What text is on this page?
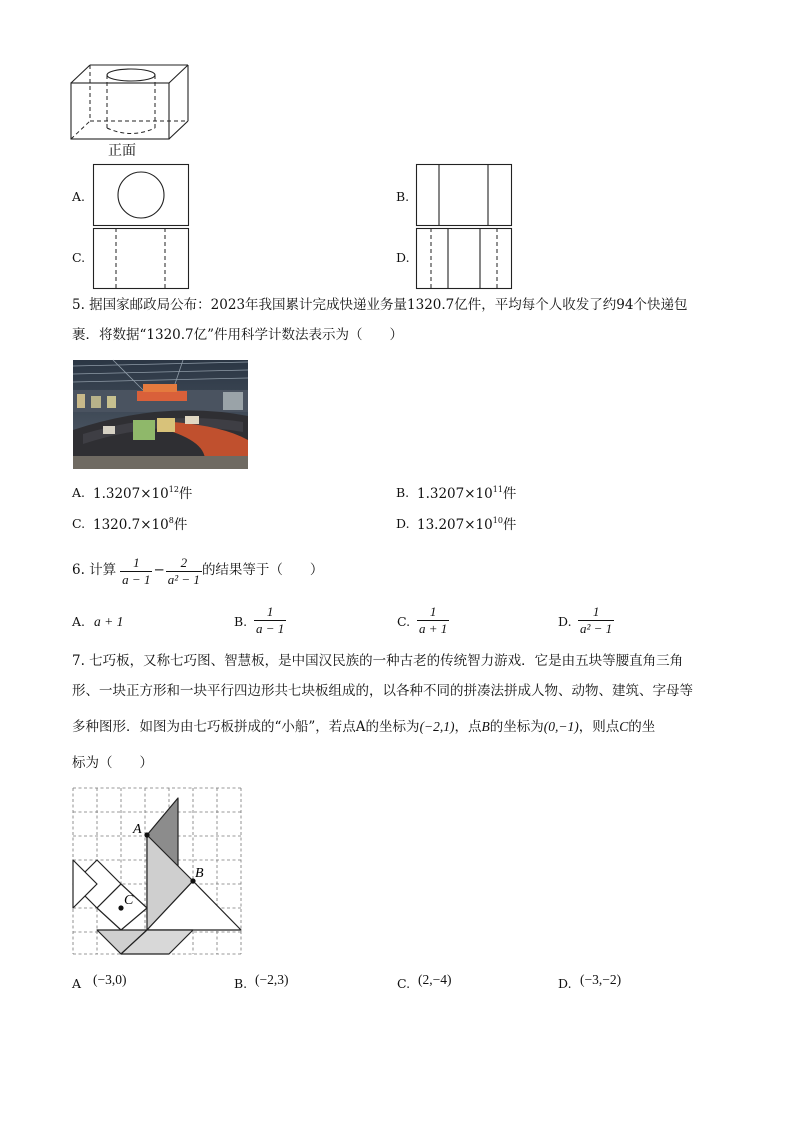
正面
A.	B.
C.	D.
5. 据国家邮政局公布：2023年我国累计完成快递业务量1320.7亿件，平均每个人收发了约94个快递包
裹．将数据“1320.7亿”件用科学计数法表示为（　　）
A. $1.3207\times 10^{12}$件	B. $1.3207\times 10^{11}$件
C. $1320.7\times 10^8$件	D. $13.207\times 10^{10}$件
6. 计算 $\frac{1}{a - 1} - \frac{2}{\text{a² − 1}}$ 的结果等于（　　）
A. a + 1	B.
1
a − 1	C.
1
a + 1	D.
1
a² − 1
7. 七巧板，又称七巧图、智慧板，是中国汉民族的一种古老的传统智力游戏．它是由五块等腰直角三角
形、一块正方形和一块平行四边形共七块板组成的，以各种不同的拼凑法拼成人物、动物、建筑、字母等
多种图形．如图为由七巧板拼成的“小船”，若点A的坐标为(−2,1)，点B的坐标为(0,−1)，则点C的坐
标为（　　）
A
B
C
A (−3,0)	B. (−2,3)	C. (2,−4)	D. (−3,−2)
